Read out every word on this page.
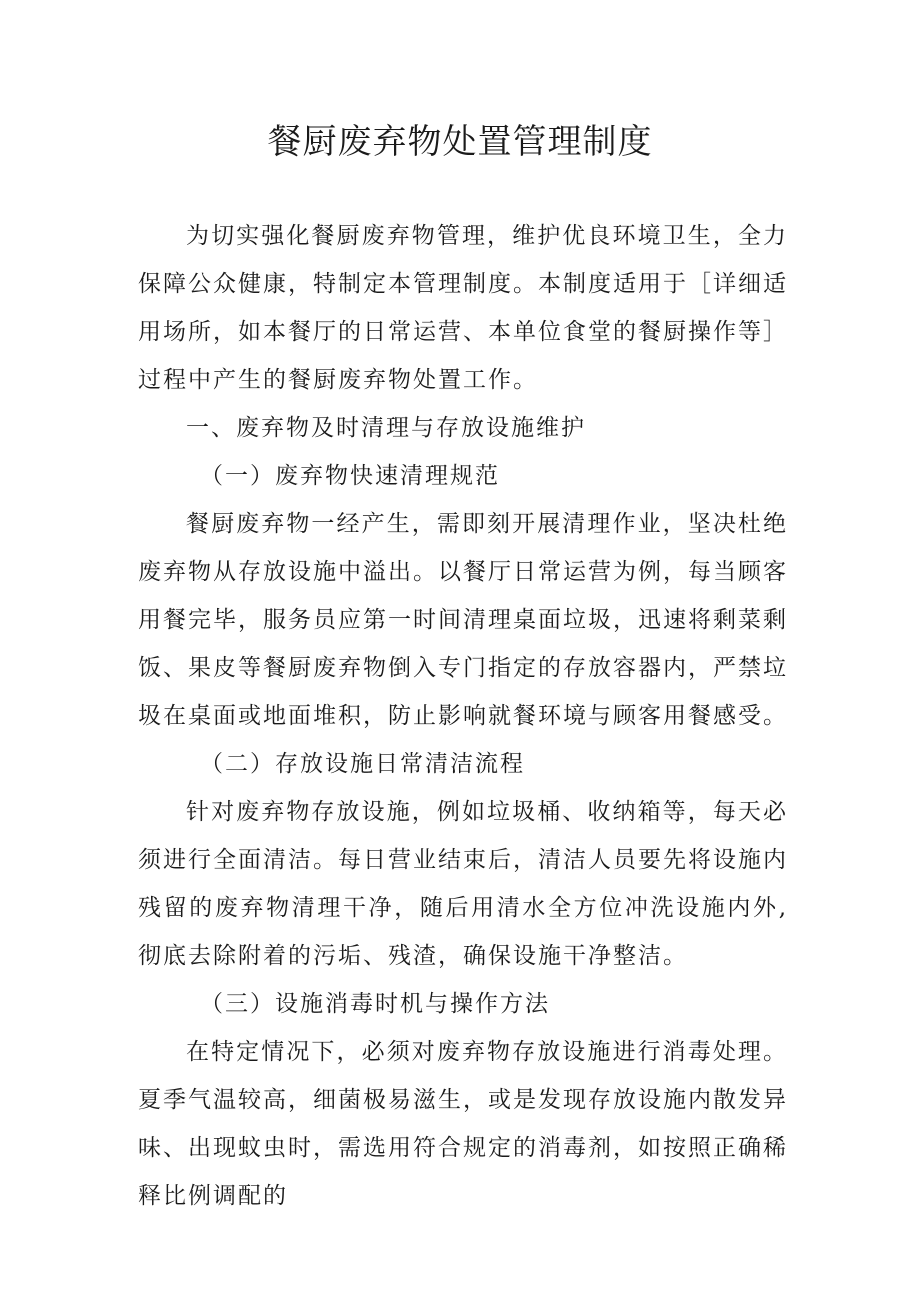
餐厨废弃物处置管理制度

为切实强化餐厨废弃物管理，维护优良环境卫生，全力保障公众健康，特制定本管理制度。本制度适用于［详细适用场所，如本餐厅的日常运营、本单位食堂的餐厨操作等］过程中产生的餐厨废弃物处置工作。

一、废弃物及时清理与存放设施维护

（一）废弃物快速清理规范

餐厨废弃物一经产生，需即刻开展清理作业，坚决杜绝废弃物从存放设施中溢出。以餐厅日常运营为例，每当顾客用餐完毕，服务员应第一时间清理桌面垃圾，迅速将剩菜剩饭、果皮等餐厨废弃物倒入专门指定的存放容器内，严禁垃圾在桌面或地面堆积，防止影响就餐环境与顾客用餐感受。

（二）存放设施日常清洁流程

针对废弃物存放设施，例如垃圾桶、收纳箱等，每天必须进行全面清洁。每日营业结束后，清洁人员要先将设施内残留的废弃物清理干净，随后用清水全方位冲洗设施内外,彻底去除附着的污垢、残渣，确保设施干净整洁。

（三）设施消毒时机与操作方法

在特定情况下，必须对废弃物存放设施进行消毒处理。夏季气温较高，细菌极易滋生，或是发现存放设施内散发异味、出现蚊虫时，需选用符合规定的消毒剂，如按照正确稀释比例调配的
